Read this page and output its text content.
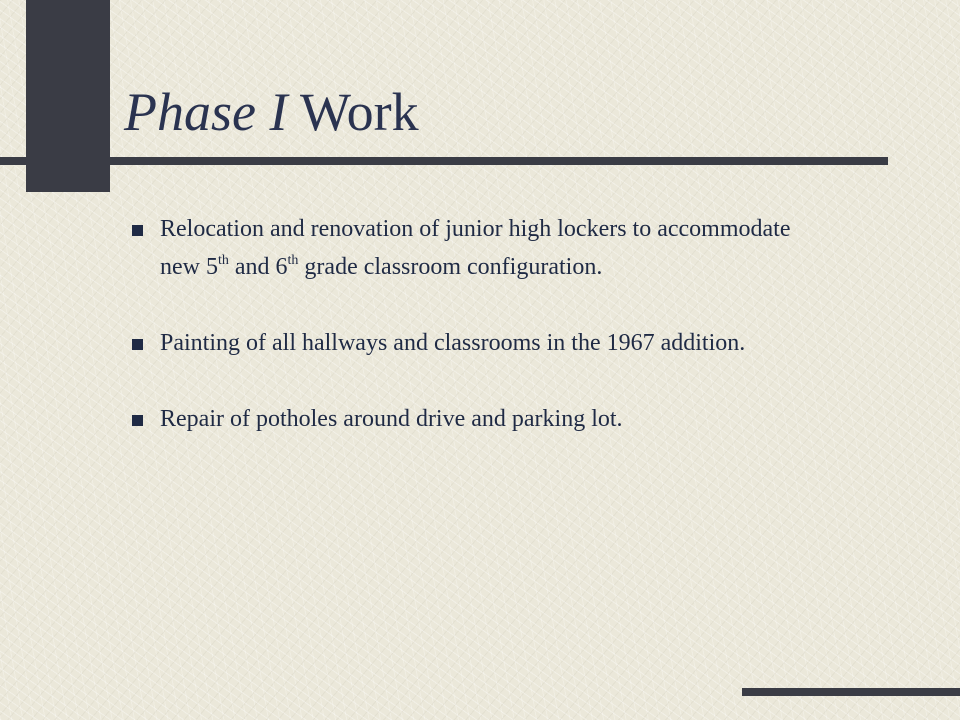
Phase I Work
Relocation and renovation of junior high lockers to accommodate new 5th and 6th grade classroom configuration.
Painting of all hallways and classrooms in the 1967 addition.
Repair of potholes around drive and parking lot.
